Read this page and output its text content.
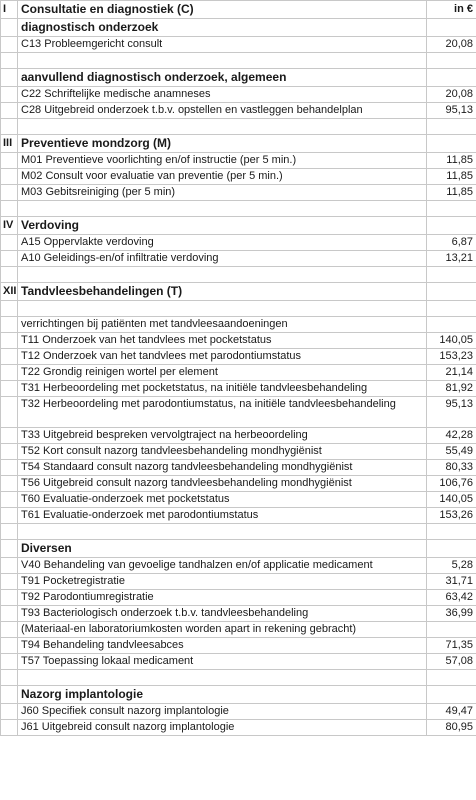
I	Consultatie en diagnostiek (C)	in €
	diagnostisch onderzoek	
	C13 Probleemgericht consult	20,08

	aanvullend diagnostisch onderzoek, algemeen	
	C22 Schriftelijke medische anamneses	20,08
	C28 Uitgebreid onderzoek t.b.v. opstellen en vastleggen behandelplan	95,13

III	Preventieve mondzorg (M)	
	M01 Preventieve voorlichting en/of instructie (per 5 min.)	11,85
	M02 Consult voor evaluatie van preventie (per 5 min.)	11,85
	M03 Gebitsreiniging (per 5 min)	11,85

IV	Verdoving	
	A15 Oppervlakte verdoving	6,87
	A10 Geleidings-en/of infiltratie verdoving	13,21

XII	Tandvleesbehandelingen (T)	

	verrichtingen bij patiënten met tandvleesaandoeningen	
	T11 Onderzoek van het tandvlees met pocketstatus	140,05
	T12 Onderzoek van het tandvlees met parodontiumstatus	153,23
	T22 Grondig reinigen wortel per element	21,14
	T31 Herbeoordeling met pocketstatus, na initiële tandvleesbehandeling	81,92
	T32 Herbeoordeling met parodontiumstatus, na initiële tandvleesbehandeling	95,13
	T33 Uitgebreid bespreken vervolgtraject na herbeoordeling	42,28
	T52 Kort consult nazorg tandvleesbehandeling mondhygiënist	55,49
	T54 Standaard consult nazorg tandvleesbehandeling mondhygiënist	80,33
	T56 Uitgebreid consult nazorg tandvleesbehandeling mondhygiënist	106,76
	T60 Evaluatie-onderzoek met pocketstatus	140,05
	T61 Evaluatie-onderzoek met parodontiumstatus	153,26

	Diversen	
	V40 Behandeling van gevoelige tandhalzen en/of applicatie medicament	5,28
	T91 Pocketregistratie	31,71
	T92 Parodontiumregistratie	63,42
	T93 Bacteriologisch onderzoek t.b.v. tandvleesbehandeling	36,99
	(Materiaal-en laboratoriumkosten worden apart in rekening gebracht)	
	T94 Behandeling tandvleesabces	71,35
	T57 Toepassing lokaal medicament	57,08

	Nazorg implantologie	
	J60 Specifiek consult nazorg implantologie	49,47
	J61 Uitgebreid consult nazorg implantologie	80,95
